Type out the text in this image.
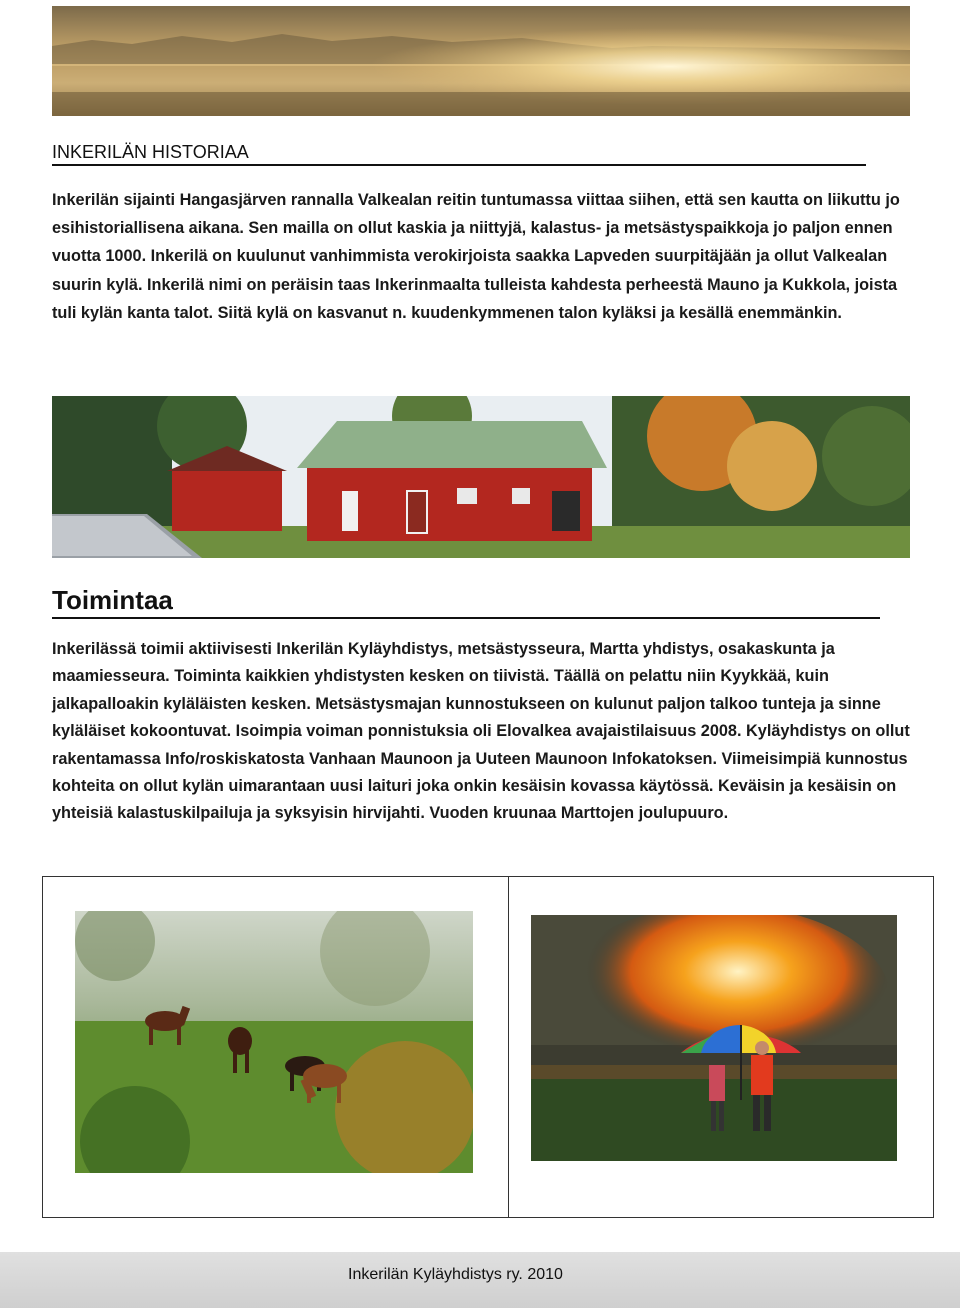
INKERILÄN HISTORIAA

Inkerilän sijainti Hangasjärven rannalla Valkealan reitin tuntumassa viittaa siihen, että sen kautta on liikuttu jo esihistoriallisena aikana. Sen mailla on ollut kaskia ja niittyjä, kalastus- ja metsästyspaikkoja jo paljon ennen vuotta 1000. Inkerilä on kuulunut vanhimmista verokirjoista saakka Lapveden suurpitäjään ja ollut Valkealan suurin kylä. Inkerilä nimi on peräisin taas Inkerinmaalta tulleista kahdesta perheestä Mauno ja Kukkola, joista tuli kylän kanta talot. Siitä kylä on kasvanut n. kuudenkymmenen talon kyläksi ja kesällä enemmänkin.

Toimintaa

Inkerilässä toimii aktiivisesti Inkerilän Kyläyhdistys, metsästysseura, Martta yhdistys, osakaskunta ja maamiesseura. Toiminta kaikkien yhdistysten kesken on tiivistä. Täällä on pelattu niin Kyykkää, kuin jalkapalloakin kyläläisten kesken. Metsästysmajan kunnostukseen on kulunut paljon talkoo tunteja ja sinne kyläläiset kokoontuvat. Isoimpia voiman ponnistuksia oli Elovalkea avajaistilaisuus 2008. Kyläyhdistys on ollut rakentamassa Info/roskiskatosta Vanhaan Maunoon ja Uuteen Maunoon Infokatoksen. Viimeisimpiä kunnostus kohteita on ollut kylän uimarantaan uusi laituri joka onkin kesäisin kovassa käytössä. Keväisin ja kesäisin on yhteisiä kalastuskilpailuja ja syksyisin hirvijahti. Vuoden kruunaa Marttojen joulupuuro.

Inkerilän Kyläyhdistys ry. 2010
